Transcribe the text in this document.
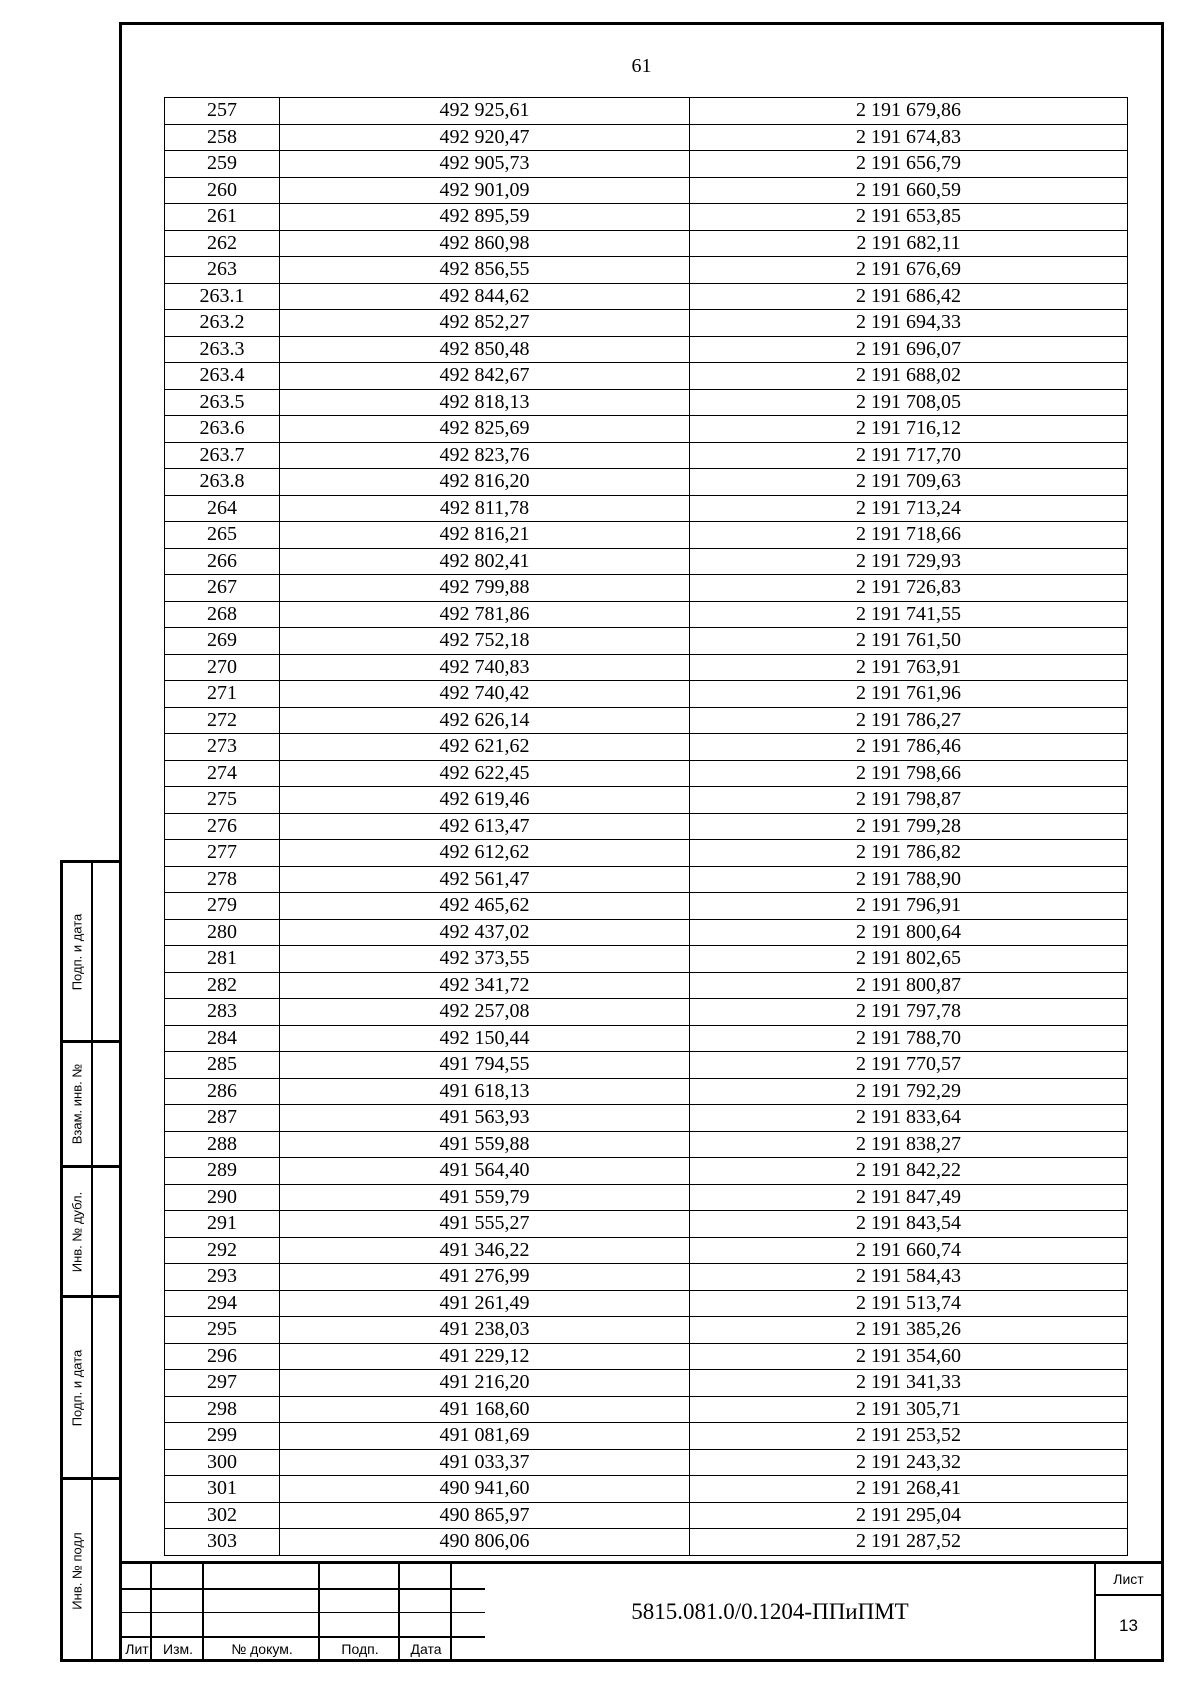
Подп. и дата
Взам. инв. №
Инв. № дубл.
Подп. и дата
Инв. № подл
61
257	492 925,61	2 191 679,86
258	492 920,47	2 191 674,83
259	492 905,73	2 191 656,79
260	492 901,09	2 191 660,59
261	492 895,59	2 191 653,85
262	492 860,98	2 191 682,11
263	492 856,55	2 191 676,69
263.1	492 844,62	2 191 686,42
263.2	492 852,27	2 191 694,33
263.3	492 850,48	2 191 696,07
263.4	492 842,67	2 191 688,02
263.5	492 818,13	2 191 708,05
263.6	492 825,69	2 191 716,12
263.7	492 823,76	2 191 717,70
263.8	492 816,20	2 191 709,63
264	492 811,78	2 191 713,24
265	492 816,21	2 191 718,66
266	492 802,41	2 191 729,93
267	492 799,88	2 191 726,83
268	492 781,86	2 191 741,55
269	492 752,18	2 191 761,50
270	492 740,83	2 191 763,91
271	492 740,42	2 191 761,96
272	492 626,14	2 191 786,27
273	492 621,62	2 191 786,46
274	492 622,45	2 191 798,66
275	492 619,46	2 191 798,87
276	492 613,47	2 191 799,28
277	492 612,62	2 191 786,82
278	492 561,47	2 191 788,90
279	492 465,62	2 191 796,91
280	492 437,02	2 191 800,64
281	492 373,55	2 191 802,65
282	492 341,72	2 191 800,87
283	492 257,08	2 191 797,78
284	492 150,44	2 191 788,70
285	491 794,55	2 191 770,57
286	491 618,13	2 191 792,29
287	491 563,93	2 191 833,64
288	491 559,88	2 191 838,27
289	491 564,40	2 191 842,22
290	491 559,79	2 191 847,49
291	491 555,27	2 191 843,54
292	491 346,22	2 191 660,74
293	491 276,99	2 191 584,43
294	491 261,49	2 191 513,74
295	491 238,03	2 191 385,26
296	491 229,12	2 191 354,60
297	491 216,20	2 191 341,33
298	491 168,60	2 191 305,71
299	491 081,69	2 191 253,52
300	491 033,37	2 191 243,32
301	490 941,60	2 191 268,41
302	490 865,97	2 191 295,04
303	490 806,06	2 191 287,52
Лит	Изм.	№ докум.	Подп.	Дата
5815.081.0/0.1204-ППиПМТ
Лист
13
